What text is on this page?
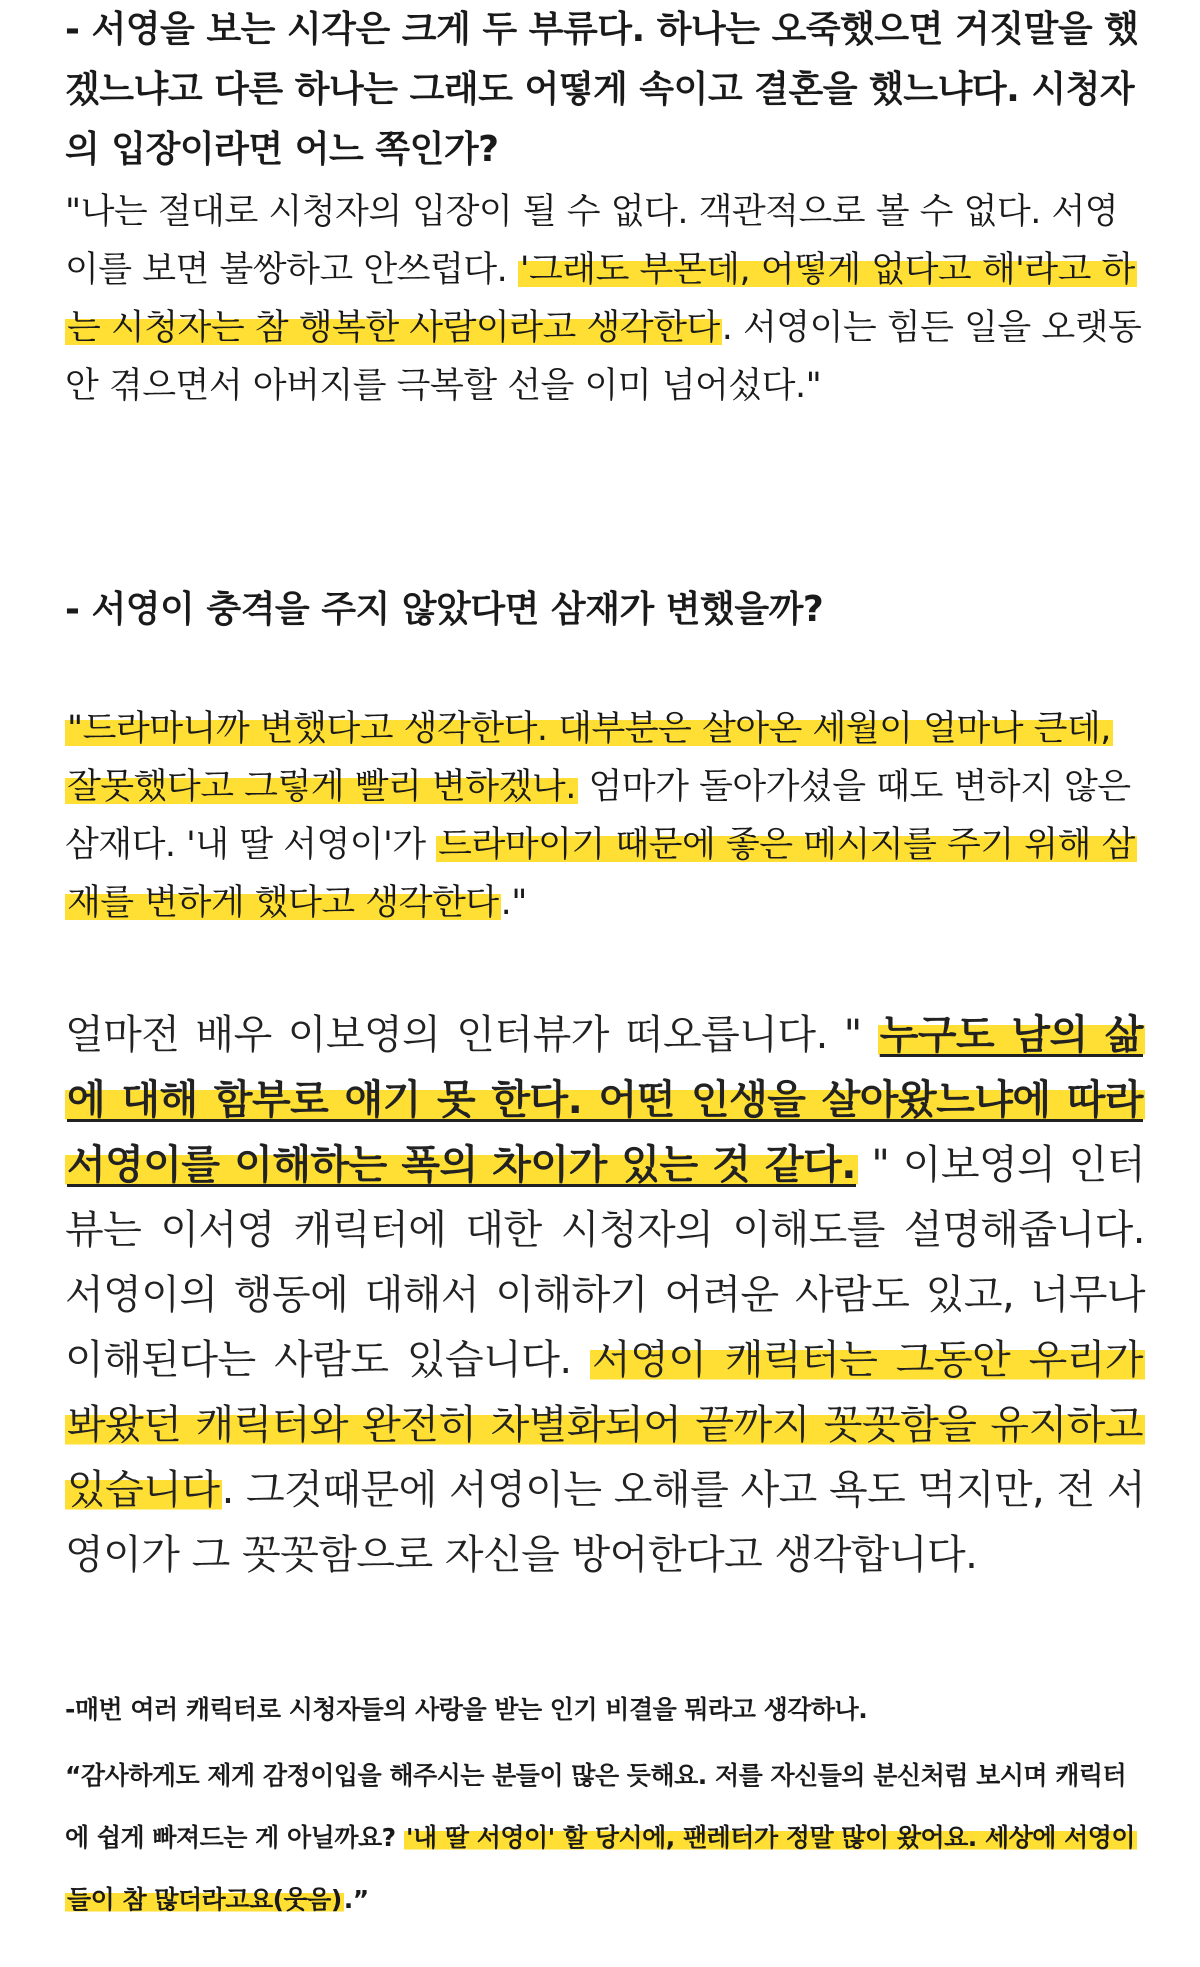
- 서영을 보는 시각은 크게 두 부류다. 하나는 오죽했으면 거짓말을 했겠느냐고 다른 하나는 그래도 어떻게 속이고 결혼을 했느냐다. 시청자의 입장이라면 어느 쪽인가?

"나는 절대로 시청자의 입장이 될 수 없다. 객관적으로 볼 수 없다. 서영이를 보면 불쌍하고 안쓰럽다. '그래도 부몬데, 어떻게 없다고 해'라고 하는 시청자는 참 행복한 사람이라고 생각한다. 서영이는 힘든 일을 오랫동안 겪으면서 아버지를 극복할 선을 이미 넘어섰다."

- 서영이 충격을 주지 않았다면 삼재가 변했을까?

"드라마니까 변했다고 생각한다. 대부분은 살아온 세월이 얼마나 큰데, 잘못했다고 그렇게 빨리 변하겠나. 엄마가 돌아가셨을 때도 변하지 않은 삼재다. '내 딸 서영이'가 드라마이기 때문에 좋은 메시지를 주기 위해 삼재를 변하게 했다고 생각한다."

얼마전 배우 이보영의 인터뷰가 떠오릅니다. " 누구도 남의 삶에 대해 함부로 얘기 못 한다. 어떤 인생을 살아왔느냐에 따라 서영이를 이해하는 폭의 차이가 있는 것 같다. " 이보영의 인터뷰는 이서영 캐릭터에 대한 시청자의 이해도를 설명해줍니다. 서영이의 행동에 대해서 이해하기 어려운 사람도 있고, 너무나 이해된다는 사람도 있습니다. 서영이 캐릭터는 그동안 우리가 봐왔던 캐릭터와 완전히 차별화되어 끝까지 꼿꼿함을 유지하고 있습니다. 그것때문에 서영이는 오해를 사고 욕도 먹지만, 전 서영이가 그 꼿꼿함으로 자신을 방어한다고 생각합니다.

-매번 여러 캐릭터로 시청자들의 사랑을 받는 인기 비결을 뭐라고 생각하나.

“감사하게도 제게 감정이입을 해주시는 분들이 많은 듯해요. 저를 자신들의 분신처럼 보시며 캐릭터에 쉽게 빠져드는 게 아닐까요? '내 딸 서영이' 할 당시에, 팬레터가 정말 많이 왔어요. 세상에 서영이들이 참 많더라고요(웃음).”
